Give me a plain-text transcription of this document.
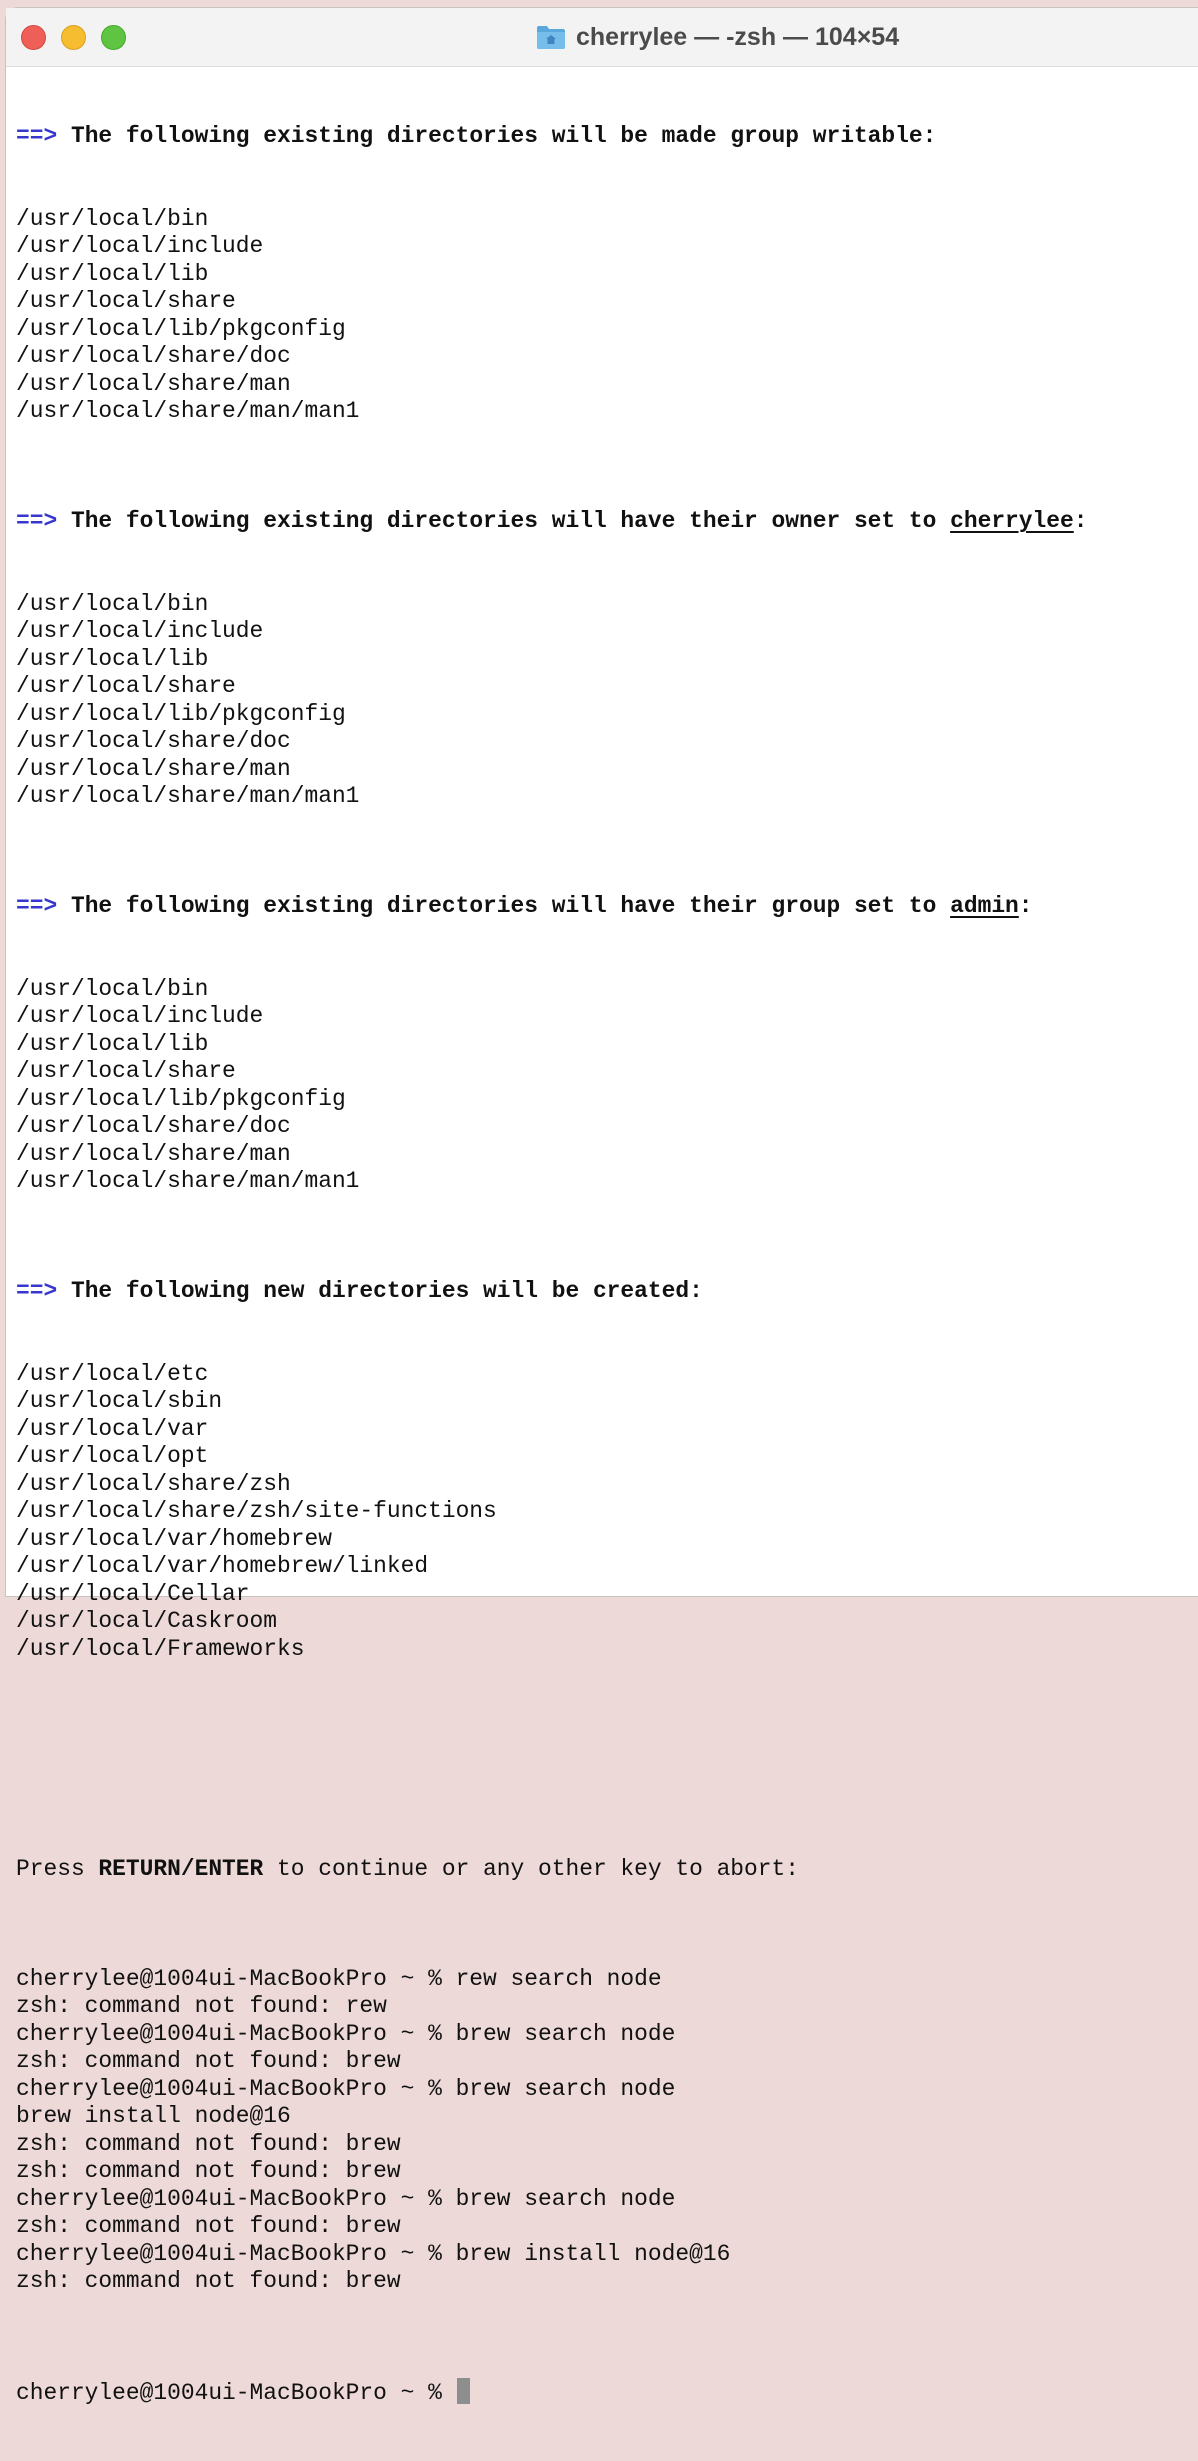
cherrylee — -zsh — 104×54

==> The following existing directories will be made group writable:

/usr/local/bin
/usr/local/include
/usr/local/lib
/usr/local/share
/usr/local/lib/pkgconfig
/usr/local/share/doc
/usr/local/share/man
/usr/local/share/man/man1

==> The following existing directories will have their owner set to cherrylee:

/usr/local/bin
/usr/local/include
/usr/local/lib
/usr/local/share
/usr/local/lib/pkgconfig
/usr/local/share/doc
/usr/local/share/man
/usr/local/share/man/man1

==> The following existing directories will have their group set to admin:

/usr/local/bin
/usr/local/include
/usr/local/lib
/usr/local/share
/usr/local/lib/pkgconfig
/usr/local/share/doc
/usr/local/share/man
/usr/local/share/man/man1

==> The following new directories will be created:

/usr/local/etc
/usr/local/sbin
/usr/local/var
/usr/local/opt
/usr/local/share/zsh
/usr/local/share/zsh/site-functions
/usr/local/var/homebrew
/usr/local/var/homebrew/linked
/usr/local/Cellar
/usr/local/Caskroom
/usr/local/Frameworks

Press RETURN/ENTER to continue or any other key to abort:

cherrylee@1004ui-MacBookPro ~ % rew search node
zsh: command not found: rew
cherrylee@1004ui-MacBookPro ~ % brew search node
zsh: command not found: brew
cherrylee@1004ui-MacBookPro ~ % brew search node
brew install node@16
zsh: command not found: brew
zsh: command not found: brew
cherrylee@1004ui-MacBookPro ~ % brew search node
zsh: command not found: brew
cherrylee@1004ui-MacBookPro ~ % brew install node@16
zsh: command not found: brew

cherrylee@1004ui-MacBookPro ~ %
